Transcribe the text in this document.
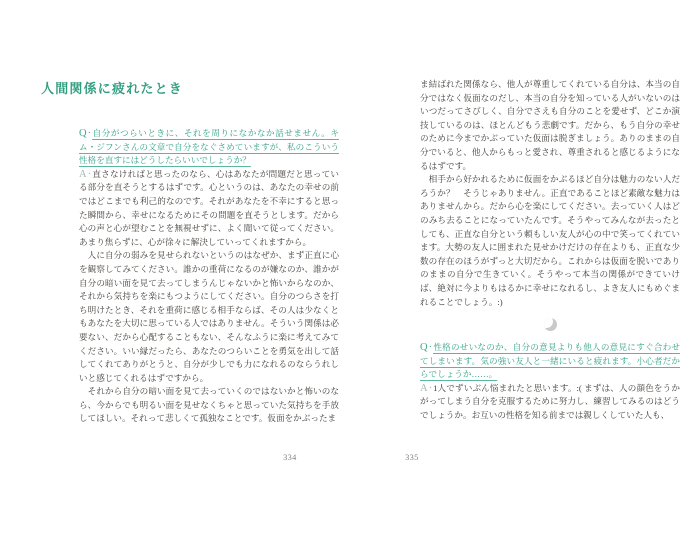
人間関係に疲れたとき

Q·自分がつらいときに、それを周りになかなか話せません。キム・ジフンさんの文章で自分をなぐさめていますが、私のこういう性格を直すにはどうしたらいいでしょうか？

A·直さなければと思ったのなら、心はあなたが問題だと思っている部分を直そうとするはずです。心というのは、あなたの幸せの前ではどこまでも利己的なのです。それがあなたを不幸にすると思った瞬間から、幸せになるためにその問題を直そうとします。だから心の声と心が望むことを無視せずに、よく聞いて従ってください。あまり焦らずに、心が徐々に解決していってくれますから。

　人に自分の弱みを見せられないというのはなぜか、まず正直に心を観察してみてください。誰かの重荷になるのが嫌なのか、誰かが自分の暗い面を見て去ってしまうんじゃないかと怖いからなのか、それから気持ちを楽にもつようにしてください。自分のつらさを打ち明けたとき、それを重荷に感じる相手ならば、その人は少なくともあなたを大切に思っている人ではありません。そういう関係は必要ない、だから心配することもない、そんなふうに楽に考えてみてください。いい縁だったら、あなたのつらいことを勇気を出して話してくれてありがとうと、自分が少しでも力になれるのならうれしいと感じてくれるはずですから。

　それから自分の暗い面を見て去っていくのではないかと怖いのなら、今からでも明るい面を見せなくちゃと思っていた気持ちを手放してほしい。それって悲しくて孤独なことです。仮面をかぶったま

334

ま結ばれた関係なら、他人が尊重してくれている自分は、本当の自分ではなく仮面なのだし、本当の自分を知っている人がいないのはいつだってさびしく、自分でさえも自分のことを愛せず、どこか演技しているのは、ほとんどもう悲劇です。だから、もう自分の幸せのために今までかぶっていた仮面は脱ぎましょう。ありのままの自分でいると、他人からもっと愛され、尊重されると感じるようになるはずです。

　相手から好かれるために仮面をかぶるほど自分は魅力のない人だろうか？　そうじゃありません。正直であることほど素敵な魅力はありませんから。だから心を楽にしてください。去っていく人はどのみち去ることになっていたんです。そうやってみんなが去ったとしても、正直な自分という頼もしい友人が心の中で笑ってくれています。大勢の友人に囲まれた見せかけだけの存在よりも、正直な少数の存在のほうがずっと大切だから。これからは仮面を脱いでありのままの自分で生きていく。そうやって本当の関係ができていけば、絶対に今よりもはるかに幸せになれるし、よき友人にもめぐまれることでしょう。:)

Q·性格のせいなのか、自分の意見よりも他人の意見にすぐ合わせてしまいます。気の強い友人と一緒にいると疲れます。小心者だからでしょうか……。

A·1人でずいぶん悩まれたと思います。:( まずは、人の顔色をうかがってしまう自分を克服するために努力し、練習してみるのはどうでしょうか。お互いの性格を知る前までは親しくしていた人も、

335
